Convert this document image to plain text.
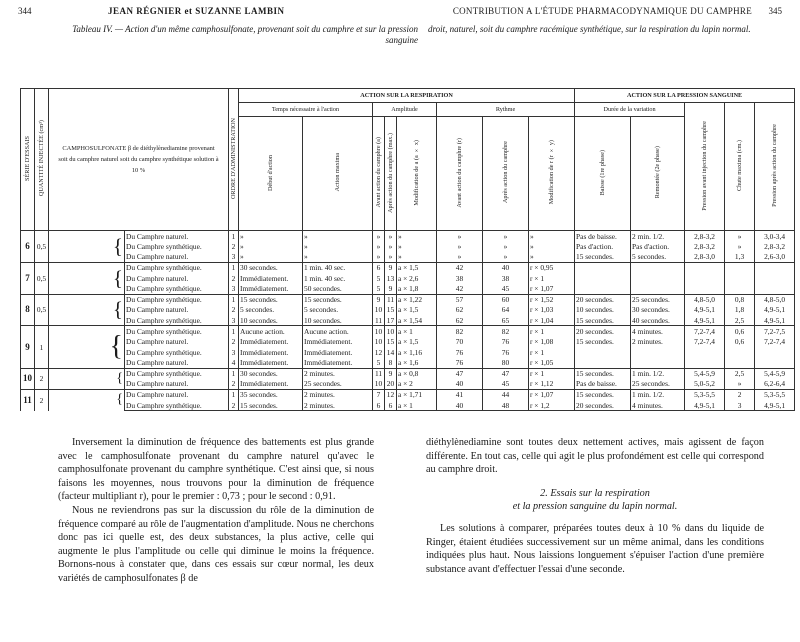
344	JEAN RÉGNIER et SUZANNE LAMBIN	CONTRIBUTION A L'ÉTUDE PHARMACODYNAMIQUE DU CAMPHRE 345
Tableau IV. — Action d'un même camphosulfonate, provenant soit du camphre et sur la pression sanguine
droit, naturel, soit du camphre racémique synthétique, sur la respiration du lapin normal.
SÉRIE D'ESSAIS	QUANTITÉ INJECTÉE (cm³)	CAMPHOSULFONATE β de diéthylènediamine provenant soit du camphre naturel soit du camphre synthétique solution à 10 %		ORDRE D'ADMINISTRATION	ACTION SUR LA RESPIRATION								ACTION SUR LA PRESSION SANGUINE				
					Temps nécessaire à l'action		Amplitude			Rythme			Durée de la variation		Pression avant injection du camphre	Chute maxima (cm.)	Pression après action du camphre
					Début d'action	Action maxima	Avant action du camphre (a)	Après action du camphre (max.)	Modification de a (a × x)	Avant action du camphre (r)	Après action du camphre	Modification de r (r × y)	Baisse (1re phase)	Remontée (2e phase)			
6	0,5	{	Du Camphre naturel.	1	»	»	»	»	»	»	»	»	Pas de baisse.	2 min. 1/2.	2,8-3,2	»	3,0-3,4
			Du Camphre synthétique.	2	»	»	»	»	»	»	»	»	Pas d'action.	Pas d'action.	2,8-3,2	»	2,8-3,2
			Du Camphre naturel.	3	»	»	»	»	»	»	»	»	15 secondes.	5 secondes.	2,8-3,0	1,3	2,6-3,0
7	0,5	{	Du Camphre synthétique.	1	30 secondes.	1 min. 40 sec.	6	9	a × 1,5	42	40	r × 0,95					
			Du Camphre naturel.	2	Immédiatement.	1 min. 40 sec.	5	13	a × 2,6	38	38	r × 1					
			Du Camphre synthétique.	3	Immédiatement.	50 secondes.	5	9	a × 1,8	42	45	r × 1,07					
8	0,5	{	Du Camphre synthétique.	1	15 secondes.	15 secondes.	9	11	a × 1,22	57	60	r × 1,52	20 secondes.	25 secondes.	4,8-5,0	0,8	4,8-5,0
			Du Camphre naturel.	2	5 secondes.	5 secondes.	10	15	a × 1,5	62	64	r × 1,03	10 secondes.	30 secondes.	4,9-5,1	1,8	4,9-5,1
			Du Camphre synthétique.	3	10 secondes.	10 secondes.	11	17	a × 1,54	62	65	r × 1,04	15 secondes.	40 secondes.	4,9-5,1	2,5	4,9-5,1
9	1	{	Du Camphre synthétique.	1	Aucune action.	Aucune action.	10	10	a × 1	82	82	r × 1	20 secondes.	4 minutes.	7,2-7,4	0,6	7,2-7,5
			Du Camphre naturel.	2	Immédiatement.	Immédiatement.	10	15	a × 1,5	70	76	r × 1,08	15 secondes.	2 minutes.	7,2-7,4	0,6	7,2-7,4
			Du Camphre synthétique.	3	Immédiatement.	Immédiatement.	12	14	a × 1,16	76	76	r × 1					
			Du Camphre naturel.	4	Immédiatement.	Immédiatement.	5	8	a × 1,6	76	80	r × 1,05					
10	2	{	Du Camphre synthétique.	1	30 secondes.	2 minutes.	11	9	a × 0,8	47	47	r × 1	15 secondes.	1 min. 1/2.	5,4-5,9	2,5	5,4-5,9
			Du Camphre naturel.	2	Immédiatement.	25 secondes.	10	20	a × 2	40	45	r × 1,12	Pas de baisse.	25 secondes.	5,0-5,2	»	6,2-6,4
11	2	{	Du Camphre naturel.	1	35 secondes.	2 minutes.	7	12	a × 1,71	41	44	r × 1,07	15 secondes.	1 min. 1/2.	5,3-5,5	2	5,3-5,5
			Du Camphre synthétique.	2	15 secondes.	2 minutes.	6	6	a × 1	40	48	r × 1,2	20 secondes.	4 minutes.	4,9-5,1	3	4,9-5,1

Inversement la diminution de fréquence des battements est plus grande avec le camphosulfonate provenant du camphre naturel qu'avec le camphosulfonate provenant du camphre synthétique. C'est ainsi que, si nous faisons les moyennes, nous trouvons pour la diminution de fréquence (facteur multipliant r), pour le premier : 0,73 ; pour le second : 0,91.

Nous ne reviendrons pas sur la discussion du rôle de la diminution de fréquence comparé au rôle de l'augmentation d'amplitude. Nous ne cherchons donc pas ici quelle est, des deux substances, la plus active, celle qui augmente le plus l'amplitude ou celle qui diminue le moins la fréquence. Bornons-nous à constater que, dans ces essais sur cœur normal, les deux variétés de camphosulfonates β de

diéthylènediamine sont toutes deux nettement actives, mais agissent de façon différente. En tout cas, celle qui agit le plus profondément est celle qui correspond au camphre droit.

2. Essais sur la respiration

et la pression sanguine du lapin normal.

Les solutions à comparer, préparées toutes deux à 10 % dans du liquide de Ringer, étaient étudiées successivement sur un même animal, dans les conditions indiquées plus haut. Nous laissions longuement s'épuiser l'action d'une première substance avant d'effectuer l'essai d'une seconde.
